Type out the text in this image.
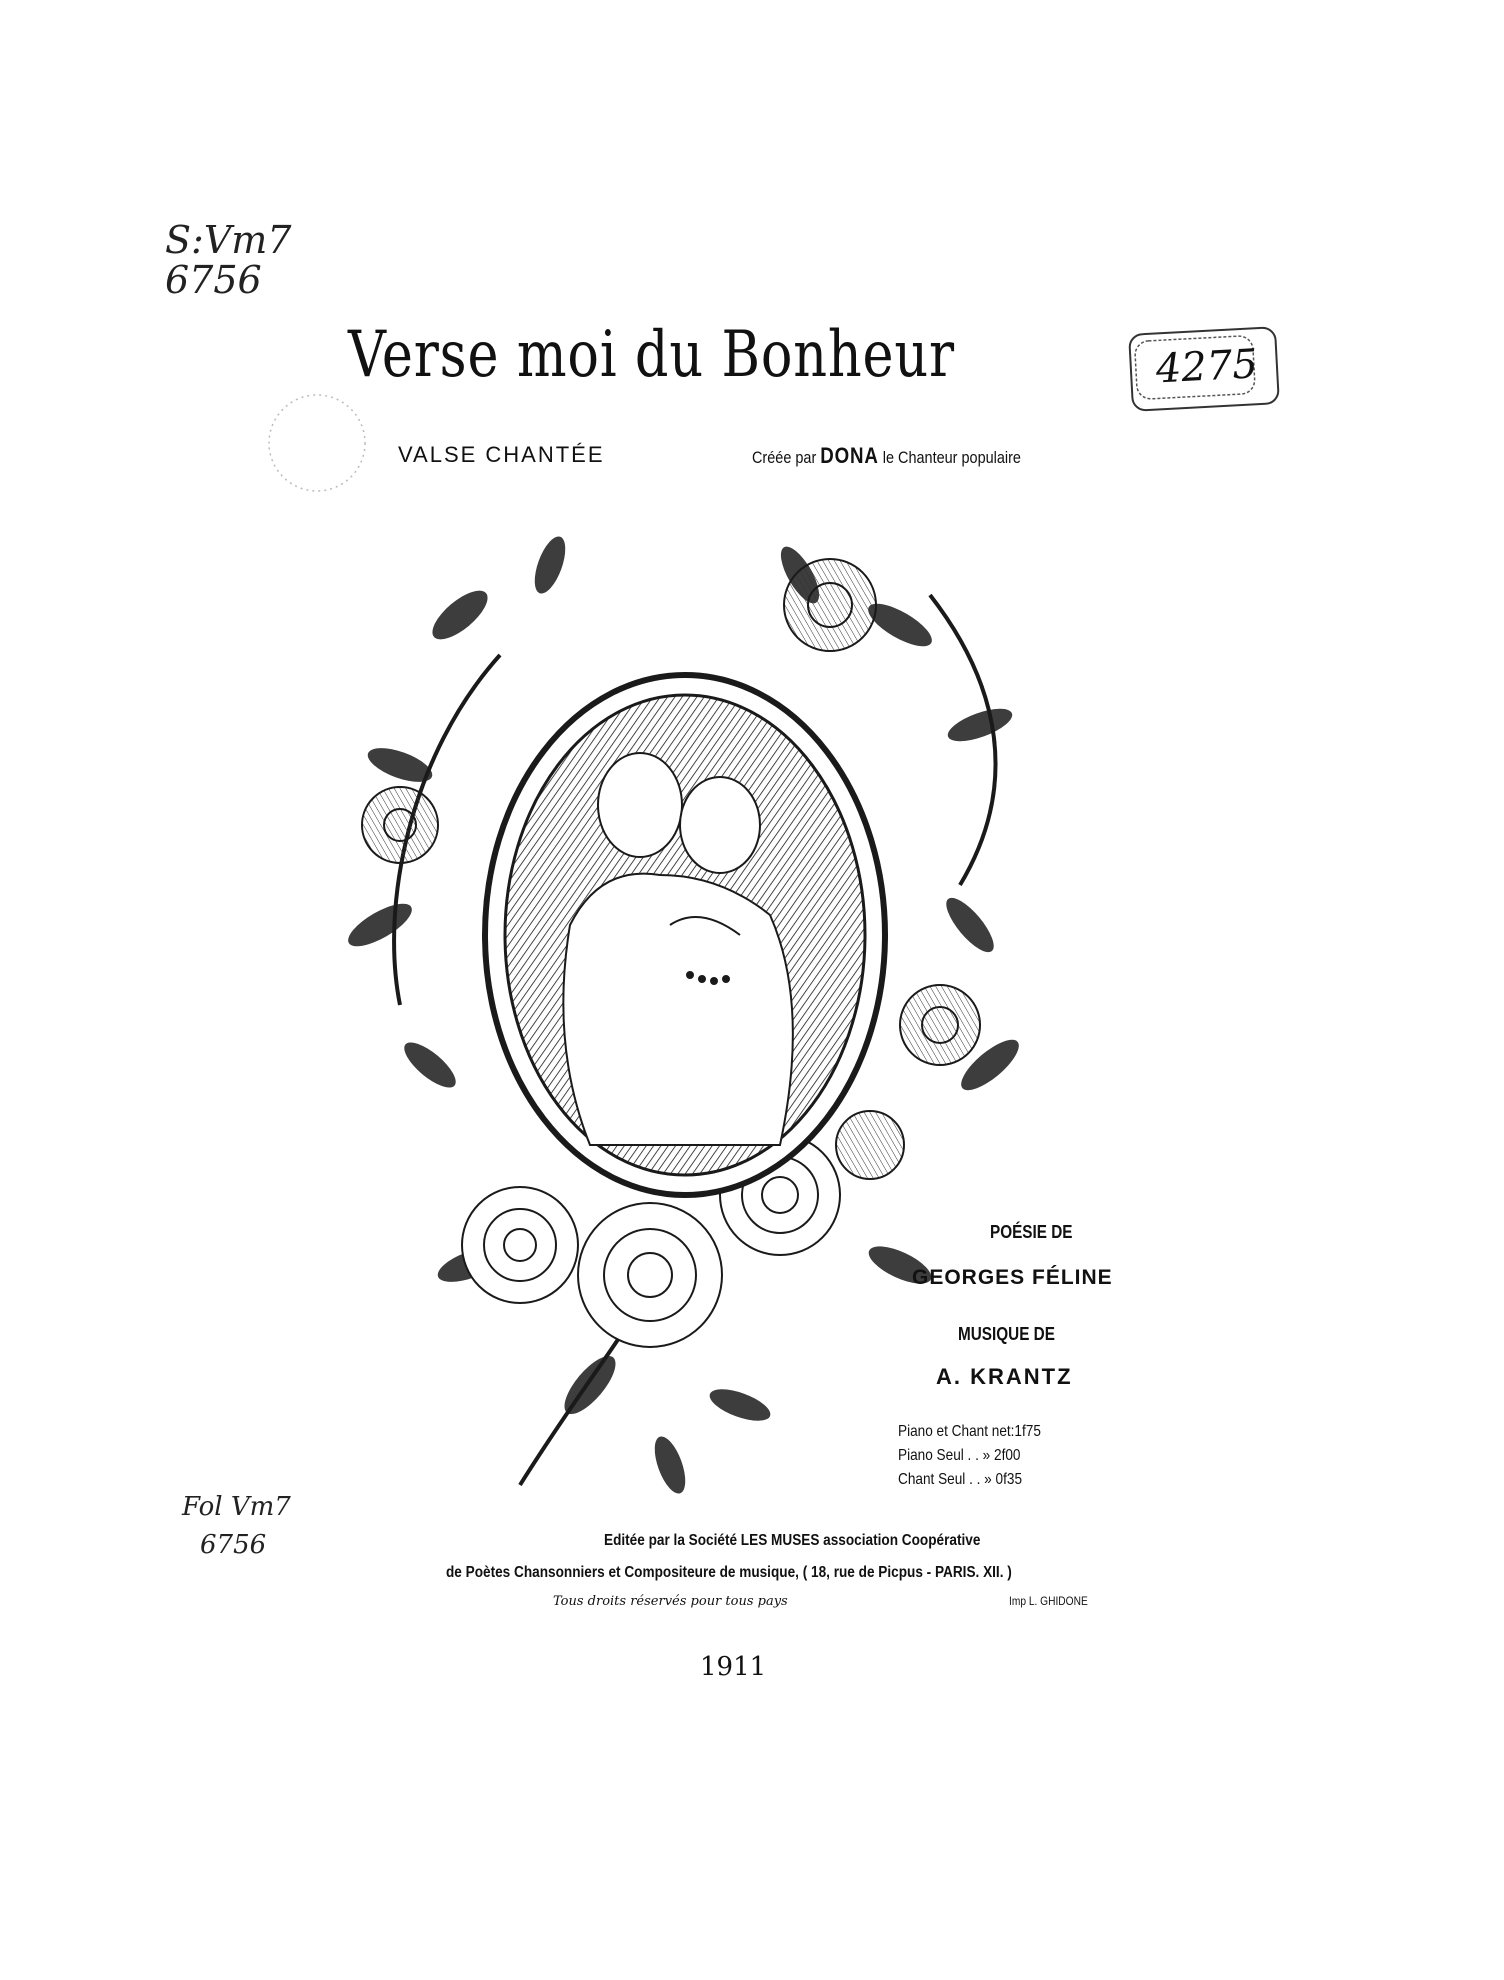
S:Vm7
6756
Verse moi du Bonheur	4275
VALSE CHANTÉE	Créée par DONA le Chanteur populaire
POÉSIE DE
GEORGES FÉLINE
MUSIQUE DE
A. KRANTZ
Piano et Chant net:1f75
Piano Seul . . » 2f00
Chant Seul . . » 0f35
Fol Vm7
6756	Editée par la Société LES MUSES association Coopérative
de Poètes Chansonniers et Compositeure de musique, ( 18, rue de Picpus - PARIS. XII. )
Tous droits réservés pour tous pays	Imp L. GHIDONE
1911
